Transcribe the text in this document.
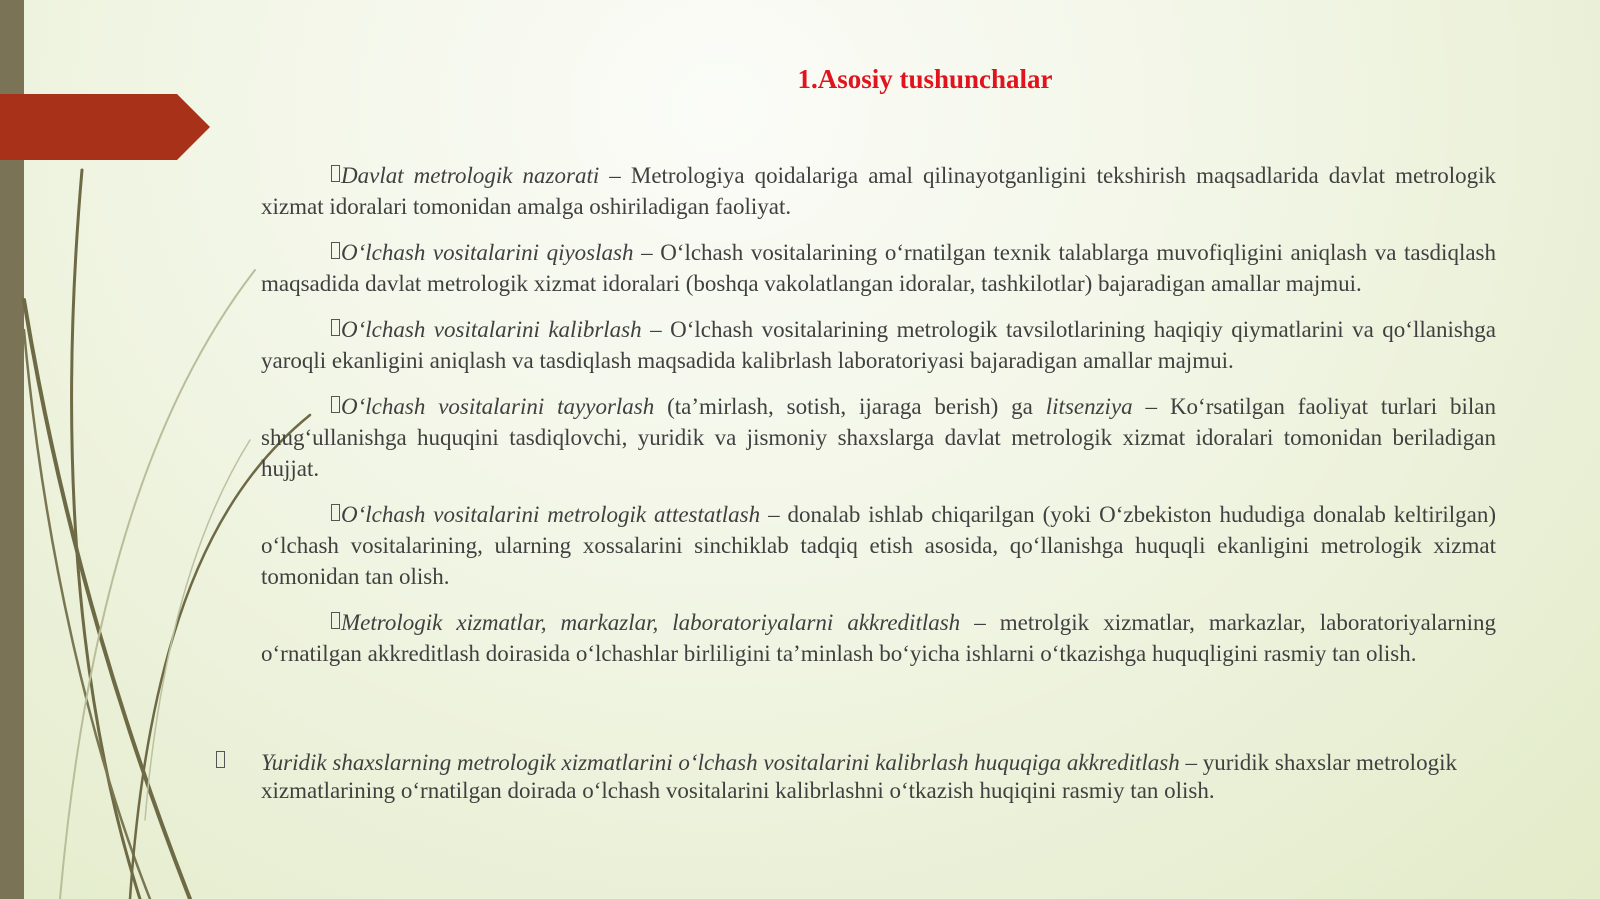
1.Asosiy tushunchalar

Davlat metrologik nazorati – Metrologiya qoidalariga amal qilinayotganligini tekshirish maqsadlarida davlat metrologik xizmat idoralari tomonidan amalga oshiriladigan faoliyat.

O‘lchash vositalarini qiyoslash – O‘lchash vositalarining o‘rnatilgan texnik talablarga muvofiqligini aniqlash va tasdiqlash maqsadida davlat metrologik xizmat idoralari (boshqa vakolatlangan idoralar, tashkilotlar) bajaradigan amallar majmui.

O‘lchash vositalarini kalibrlash – O‘lchash vositalarining metrologik tavsilotlarining haqiqiy qiymatlarini va qo‘llanishga yaroqli ekanligini aniqlash va tasdiqlash maqsadida kalibrlash laboratoriyasi bajaradigan amallar majmui.

O‘lchash vositalarini tayyorlash (ta’mirlash, sotish, ijaraga berish) ga litsenziya – Ko‘rsatilgan faoliyat turlari bilan shug‘ullanishga huquqini tasdiqlovchi, yuridik va jismoniy shaxslarga davlat metrologik xizmat idoralari tomonidan beriladigan hujjat.

O‘lchash vositalarini metrologik attestatlash – donalab ishlab chiqarilgan (yoki O‘zbekiston hududiga donalab keltirilgan) o‘lchash vositalarining, ularning xossalarini sinchiklab tadqiq etish asosida, qo‘llanishga huquqli ekanligini metrologik xizmat tomonidan tan olish.

Metrologik xizmatlar, markazlar, laboratoriyalarni akkreditlash – metrolgik xizmatlar, markazlar, laboratoriyalarning o‘rnatilgan akkreditlash doirasida o‘lchashlar birliligini ta’minlash bo‘yicha ishlarni o‘tkazishga huquqligini rasmiy tan olish.

Yuridik shaxslarning metrologik xizmatlarini o‘lchash vositalarini kalibrlash huquqiga akkreditlash – yuridik shaxslar metrologik xizmatlarining o‘rnatilgan doirada o‘lchash vositalarini kalibrlashni o‘tkazish huqiqini rasmiy tan olish.
